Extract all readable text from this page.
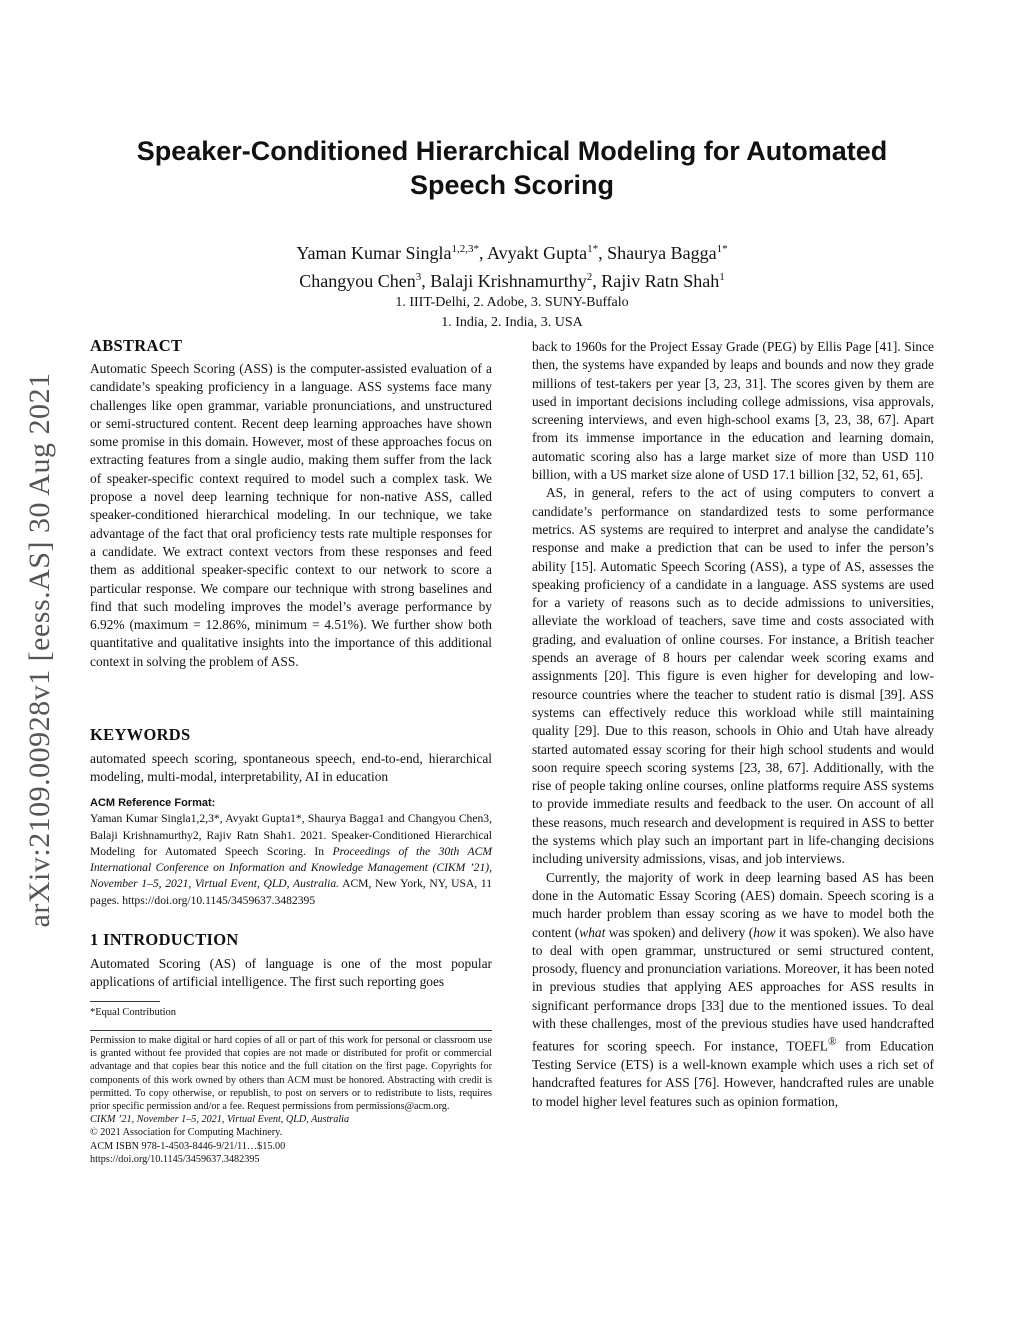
arXiv:2109.00928v1 [eess.AS] 30 Aug 2021
Speaker-Conditioned Hierarchical Modeling for Automated
Speech Scoring
Yaman Kumar Singla$^{1,2,3*}$, Avyakt Gupta$^{1*}$, Shaurya Bagga$^{1*}$
Changyou Chen$^3$, Balaji Krishnamurthy$^2$, Rajiv Ratn Shah$^1$
1. IIIT-Delhi, 2. Adobe, 3. SUNY-Buffalo
1. India, 2. India, 3. USA
ABSTRACT

Automatic Speech Scoring (ASS) is the computer-assisted evaluation of a candidate’s speaking proficiency in a language. ASS systems face many challenges like open grammar, variable pronunciations, and unstructured or semi-structured content. Recent deep learning approaches have shown some promise in this domain. However, most of these approaches focus on extracting features from a single audio, making them suffer from the lack of speaker-specific context required to model such a complex task. We propose a novel deep learning technique for non-native ASS, called speaker-conditioned hierarchical modeling. In our technique, we take advantage of the fact that oral proficiency tests rate multiple responses for a candidate. We extract context vectors from these responses and feed them as additional speaker-specific context to our network to score a particular response. We compare our technique with strong baselines and find that such modeling improves the model’s average performance by 6.92% (maximum = 12.86%, minimum = 4.51%). We further show both quantitative and qualitative insights into the importance of this additional context in solving the problem of ASS.

KEYWORDS

automated speech scoring, spontaneous speech, end-to-end, hierarchical modeling, multi-modal, interpretability, AI in education

ACM Reference Format:
Yaman Kumar Singla1,2,3*, Avyakt Gupta1*, Shaurya Bagga1 and Changyou Chen3, Balaji Krishnamurthy2, Rajiv Ratn Shah1. 2021. Speaker-Conditioned Hierarchical Modeling for Automated Speech Scoring. In Proceedings of the 30th ACM International Conference on Information and Knowledge Management (CIKM ’21), November 1–5, 2021, Virtual Event, QLD, Australia. ACM, New York, NY, USA, 11 pages. https://doi.org/10.1145/3459637.3482395
1 INTRODUCTION

Automated Scoring (AS) of language is one of the most popular applications of artificial intelligence. The first such reporting goes

*Equal Contribution

Permission to make digital or hard copies of all or part of this work for personal or classroom use is granted without fee provided that copies are not made or distributed for profit or commercial advantage and that copies bear this notice and the full citation on the first page. Copyrights for components of this work owned by others than ACM must be honored. Abstracting with credit is permitted. To copy otherwise, or republish, to post on servers or to redistribute to lists, requires prior specific permission and/or a fee. Request permissions from permissions@acm.org.

CIKM ’21, November 1–5, 2021, Virtual Event, QLD, Australia

© 2021 Association for Computing Machinery.

ACM ISBN 978-1-4503-8446-9/21/11…$15.00

https://doi.org/10.1145/3459637.3482395

back to 1960s for the Project Essay Grade (PEG) by Ellis Page [41]. Since then, the systems have expanded by leaps and bounds and now they grade millions of test-takers per year [3, 23, 31]. The scores given by them are used in important decisions including college admissions, visa approvals, screening interviews, and even high-school exams [3, 23, 38, 67]. Apart from its immense importance in the education and learning domain, automatic scoring also has a large market size of more than USD 110 billion, with a US market size alone of USD 17.1 billion [32, 52, 61, 65].

AS, in general, refers to the act of using computers to convert a candidate’s performance on standardized tests to some performance metrics. AS systems are required to interpret and analyse the candidate’s response and make a prediction that can be used to infer the person’s ability [15]. Automatic Speech Scoring (ASS), a type of AS, assesses the speaking proficiency of a candidate in a language. ASS systems are used for a variety of reasons such as to decide admissions to universities, alleviate the workload of teachers, save time and costs associated with grading, and evaluation of online courses. For instance, a British teacher spends an average of 8 hours per calendar week scoring exams and assignments [20]. This figure is even higher for developing and low-resource countries where the teacher to student ratio is dismal [39]. ASS systems can effectively reduce this workload while still maintaining quality [29]. Due to this reason, schools in Ohio and Utah have already started automated essay scoring for their high school students and would soon require speech scoring systems [23, 38, 67]. Additionally, with the rise of people taking online courses, online platforms require ASS systems to provide immediate results and feedback to the user. On account of all these reasons, much research and development is required in ASS to better the systems which play such an important part in life-changing decisions including university admissions, visas, and job interviews.

Currently, the majority of work in deep learning based AS has been done in the Automatic Essay Scoring (AES) domain. Speech scoring is a much harder problem than essay scoring as we have to model both the content (what was spoken) and delivery (how it was spoken). We also have to deal with open grammar, unstructured or semi structured content, prosody, fluency and pronunciation variations. Moreover, it has been noted in previous studies that applying AES approaches for ASS results in significant performance drops [33] due to the mentioned issues. To deal with these challenges, most of the previous studies have used handcrafted features for scoring speech. For instance, TOEFL® from Education Testing Service (ETS) is a well-known example which uses a rich set of handcrafted features for ASS [76]. However, handcrafted rules are unable to model higher level features such as opinion formation,
